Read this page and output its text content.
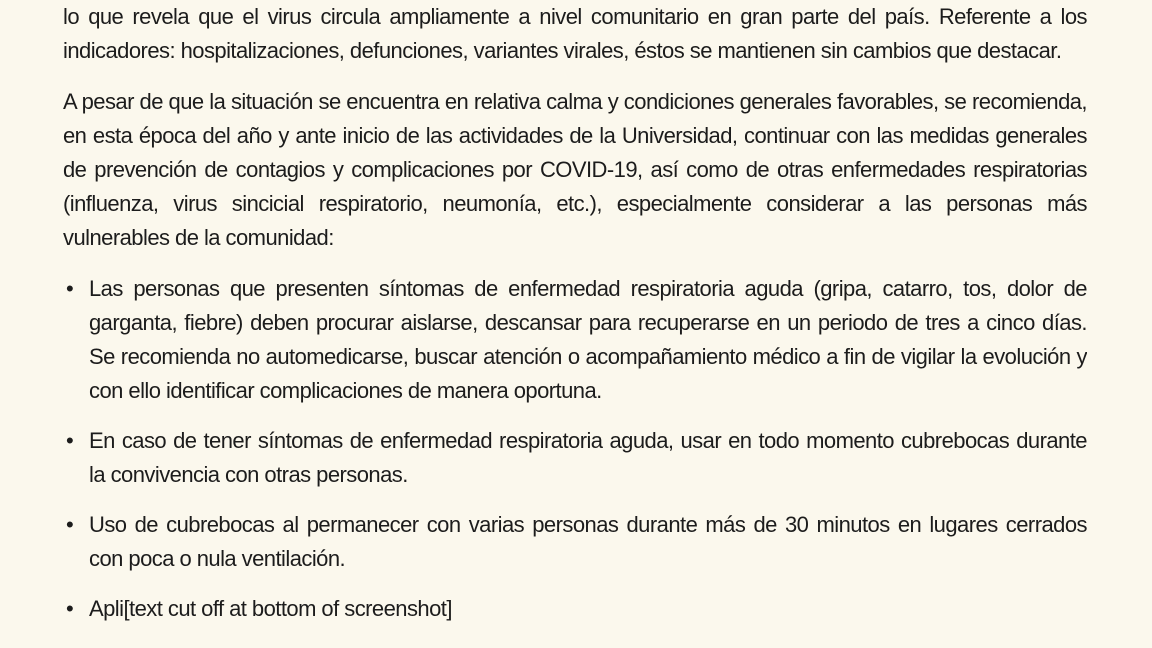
lo que revela que el virus circula ampliamente a nivel comunitario en gran parte del país. Referente a los indicadores: hospitalizaciones, defunciones, variantes virales, éstos se mantienen sin cambios que destacar.

A pesar de que la situación se encuentra en relativa calma y condiciones generales favorables, se recomienda, en esta época del año y ante inicio de las actividades de la Universidad, continuar con las medidas generales de prevención de contagios y complicaciones por COVID-19, así como de otras enfermedades respiratorias (influenza, virus sincicial respiratorio, neumonía, etc.), especialmente considerar a las personas más vulnerables de la comunidad:

• Las personas que presenten síntomas de enfermedad respiratoria aguda (gripa, catarro, tos, dolor de garganta, fiebre) deben procurar aislarse, descansar para recuperarse en un periodo de tres a cinco días. Se recomienda no automedicarse, buscar atención o acompañamiento médico a fin de vigilar la evolución y con ello identificar complicaciones de manera oportuna.
• En caso de tener síntomas de enfermedad respiratoria aguda, usar en todo momento cubrebocas durante la convivencia con otras personas.
• Uso de cubrebocas al permanecer con varias personas durante más de 30 minutos en lugares cerrados con poca o nula ventilación.
• Apli[text cut off at bottom of screenshot]
